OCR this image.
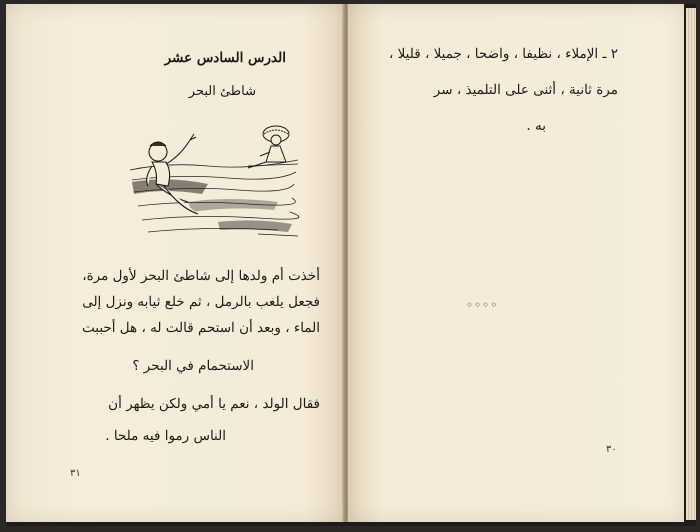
الدرس السادس عشر
شاطئ البحر
أخذت أم ولدها إلى شاطئ البحر لأول مرة،
فجعل يلعب بالرمل ، ثم خلع ثيابه ونزل إلى
الماء ، وبعد أن استحم قالت له ، هل أحببت
الاستحمام في البحر ؟
فقال الولد ، نعم يا أمي ولكن يظهر أن
الناس رموا فيه ملحا .
٣١
٢ ـ الإملاء ، نظيفا ، واضحا ، جميلا ، قليلا ،
مرة ثانية ، أثنى على التلميذ ، سر
به .
◦◦◦◦
٣٠
